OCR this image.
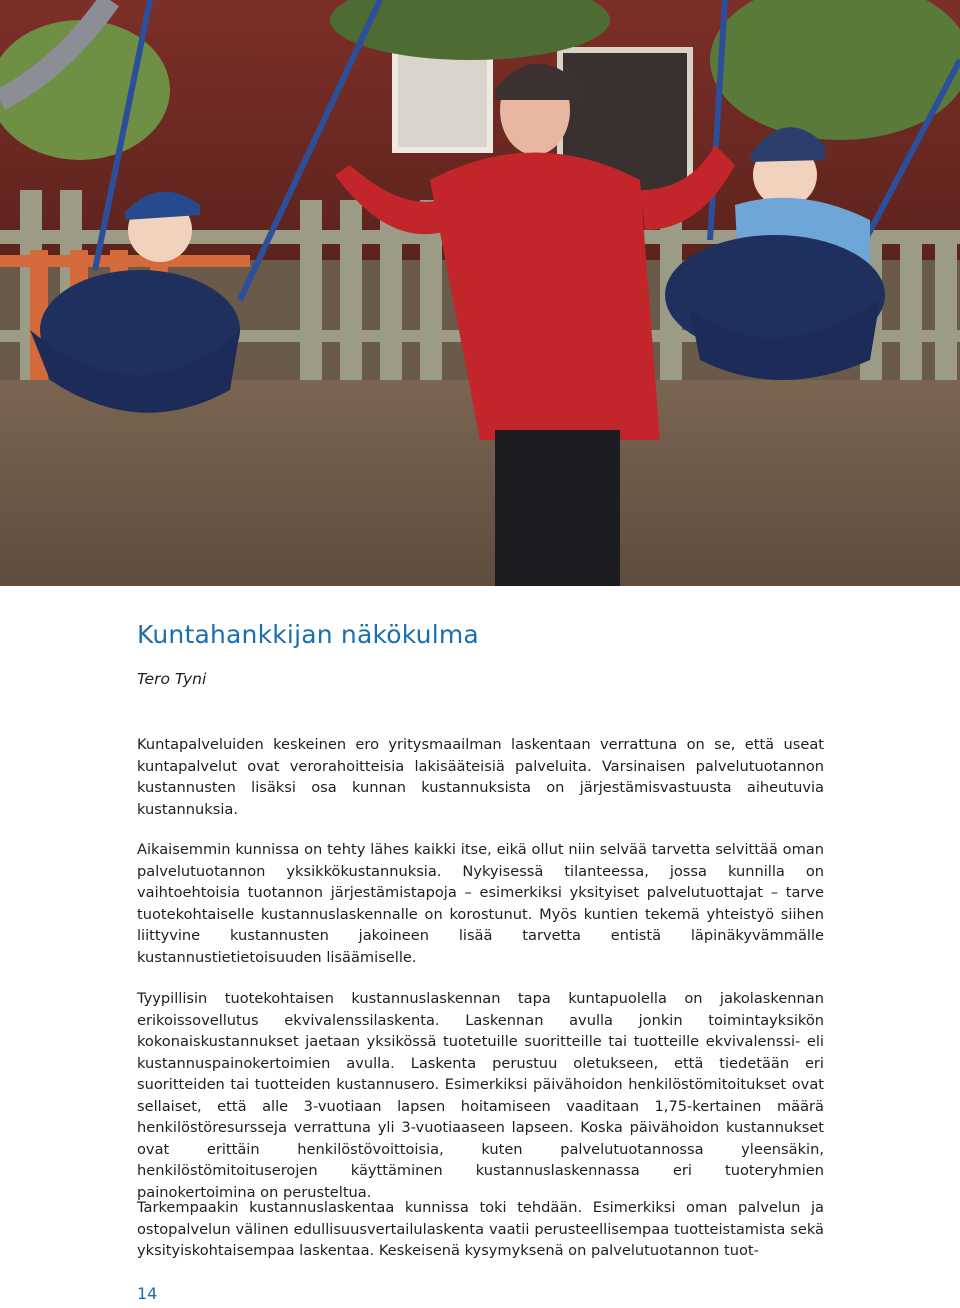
Kuntahankkijan näkökulma

Tero Tyni

Kuntapalveluiden keskeinen ero yritysmaailman laskentaan verrattuna on se, että useat kuntapalvelut ovat verorahoitteisia lakisääteisiä palveluita. Varsinaisen palvelutuotannon kustannusten lisäksi osa kunnan kustannuksista on järjestämisvastuusta aiheutuvia kustannuksia.

Aikaisemmin kunnissa on tehty lähes kaikki itse, eikä ollut niin selvää tarvetta selvittää oman palvelutuotannon yksikkökustannuksia. Nykyisessä tilanteessa, jossa kunnilla on vaihtoehtoisia tuotannon järjestämistapoja – esimerkiksi yksityiset palvelutuottajat – tarve tuotekohtaiselle kustannuslaskennalle on korostunut. Myös kuntien tekemä yhteistyö siihen liittyvine kustannusten jakoineen lisää tarvetta entistä läpinäkyvämmälle kustannustietietoisuuden lisäämiselle.

Tyypillisin tuotekohtaisen kustannuslaskennan tapa kuntapuolella on jakolaskennan erikoissovellutus ekvivalenssilaskenta. Laskennan avulla jonkin toimintayksikön kokonaiskustannukset jaetaan yksikössä tuotetuille suoritteille tai tuotteille ekvivalenssi- eli kustannuspainokertoimien avulla. Laskenta perustuu oletukseen, että tiedetään eri suoritteiden tai tuotteiden kustannusero. Esimerkiksi päivähoidon henkilöstömitoitukset ovat sellaiset, että alle 3-vuotiaan lapsen hoitamiseen vaaditaan 1,75-kertainen määrä henkilöstöresursseja verrattuna yli 3-vuotiaaseen lapseen. Koska päivähoidon kustannukset ovat erittäin henkilöstövoittoisia, kuten palvelutuotannossa yleensäkin, henkilöstömitoituserojen käyttäminen kustannuslaskennassa eri tuoteryhmien painokertoimina on perusteltua.

Tarkempaakin kustannuslaskentaa kunnissa toki tehdään. Esimerkiksi oman palvelun ja ostopalvelun välinen edullisuusvertailulaskenta vaatii perusteellisempaa tuotteistamista sekä yksityiskohtaisempaa laskentaa. Keskeisenä kysymyksenä on palvelutuotannon tuot-

14
